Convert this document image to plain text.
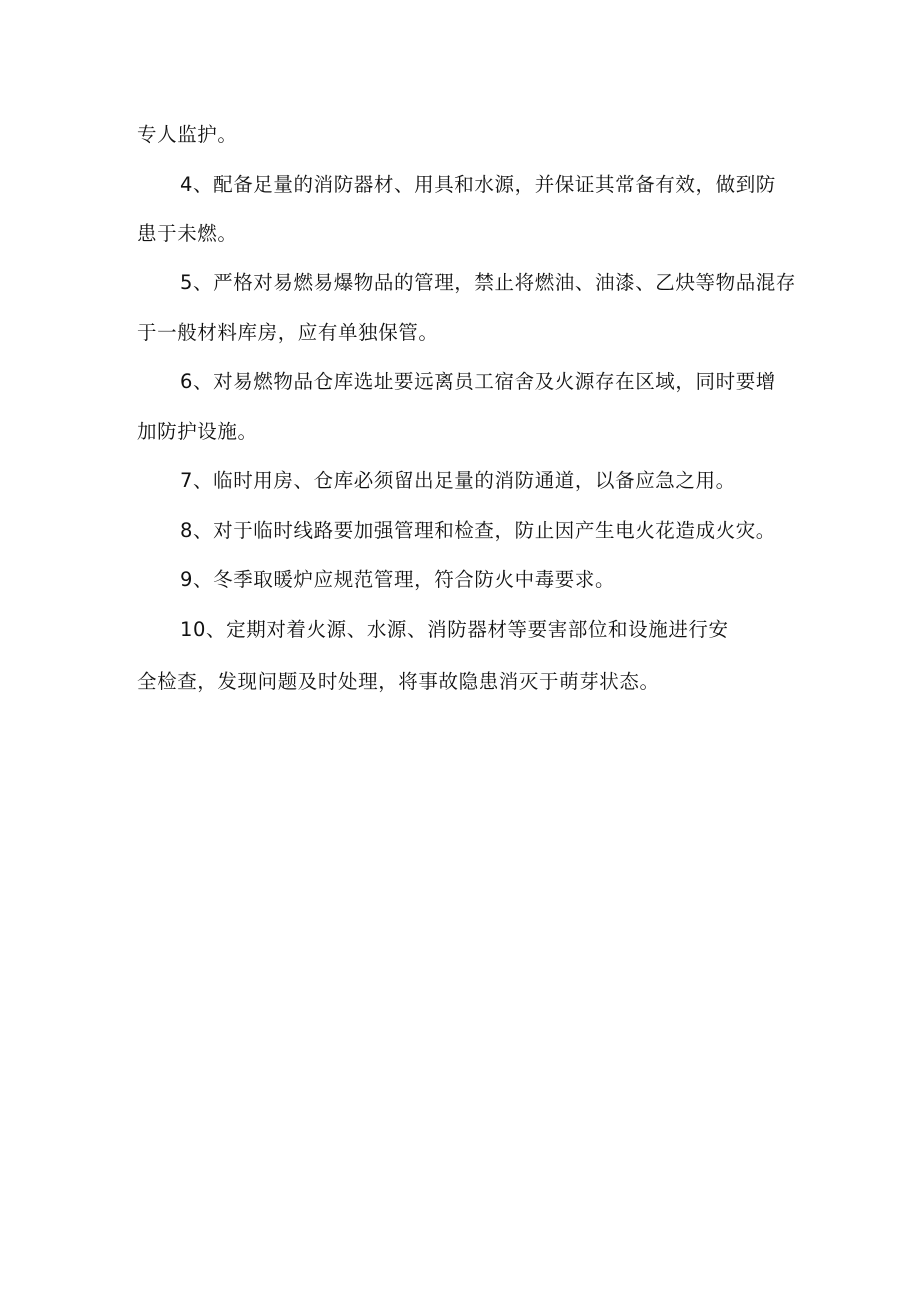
专人监护。
4、配备足量的消防器材、用具和水源，并保证其常备有效，做到防
患于未燃。
5、严格对易燃易爆物品的管理，禁止将燃油、油漆、乙炔等物品混存
于一般材料库房，应有单独保管。
6、对易燃物品仓库选址要远离员工宿舍及火源存在区域，同时要增
加防护设施。
7、临时用房、仓库必须留出足量的消防通道，以备应急之用。
8、对于临时线路要加强管理和检查，防止因产生电火花造成火灾。
9、冬季取暖炉应规范管理，符合防火中毒要求。
10、定期对着火源、水源、消防器材等要害部位和设施进行安
全检查，发现问题及时处理，将事故隐患消灭于萌芽状态。
